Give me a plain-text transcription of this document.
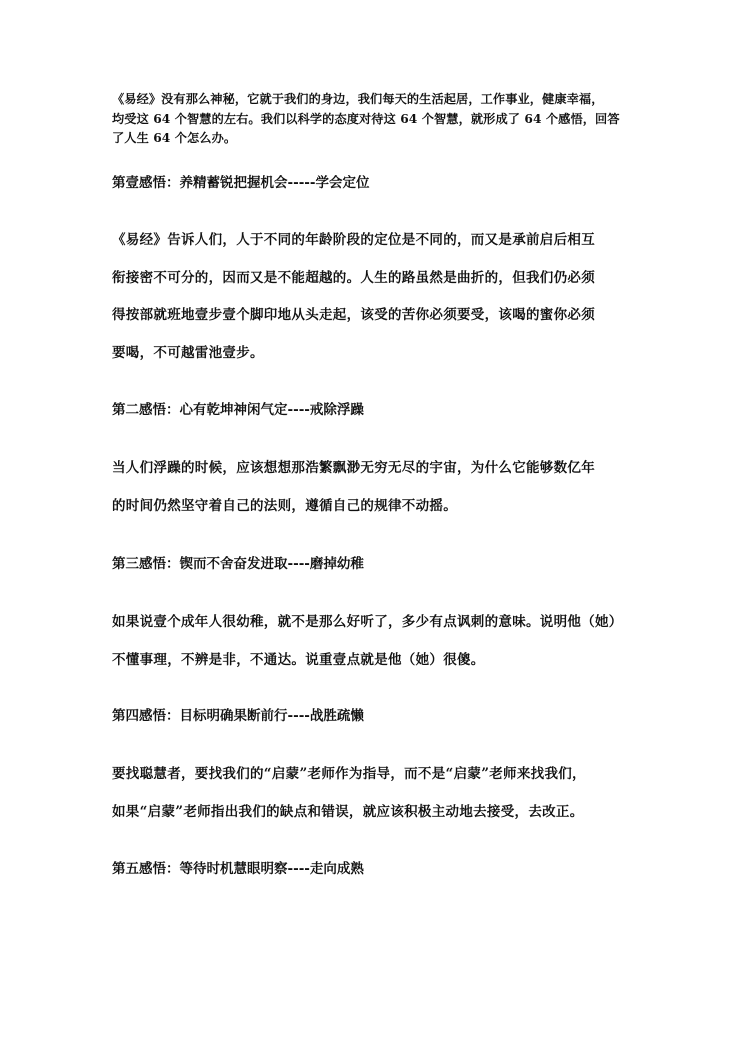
《易经》没有那么神秘，它就于我们的身边，我们每天的生活起居，工作事业，健康幸福，
均受这 64 个智慧的左右。我们以科学的态度对待这 64 个智慧，就形成了 64 个感悟，回答
了人生 64 个怎么办。
第壹感悟：养精蓄锐把握机会-----学会定位
《易经》告诉人们，人于不同的年龄阶段的定位是不同的，而又是承前启后相互
衔接密不可分的，因而又是不能超越的。人生的路虽然是曲折的，但我们仍必须
得按部就班地壹步壹个脚印地从头走起，该受的苦你必须要受，该喝的蜜你必须
要喝，不可越雷池壹步。
第二感悟：心有乾坤神闲气定----戒除浮躁
当人们浮躁的时候，应该想想那浩繁飘渺无穷无尽的宇宙，为什么它能够数亿年
的时间仍然坚守着自己的法则，遵循自己的规律不动摇。
第三感悟：锲而不舍奋发进取----磨掉幼稚
如果说壹个成年人很幼稚，就不是那么好听了，多少有点讽刺的意味。说明他（她）
不懂事理，不辨是非，不通达。说重壹点就是他（她）很傻。
第四感悟：目标明确果断前行----战胜疏懒
要找聪慧者，要找我们的“启蒙”老师作为指导，而不是“启蒙”老师来找我们，
如果“启蒙”老师指出我们的缺点和错误，就应该积极主动地去接受，去改正。
第五感悟：等待时机慧眼明察----走向成熟
